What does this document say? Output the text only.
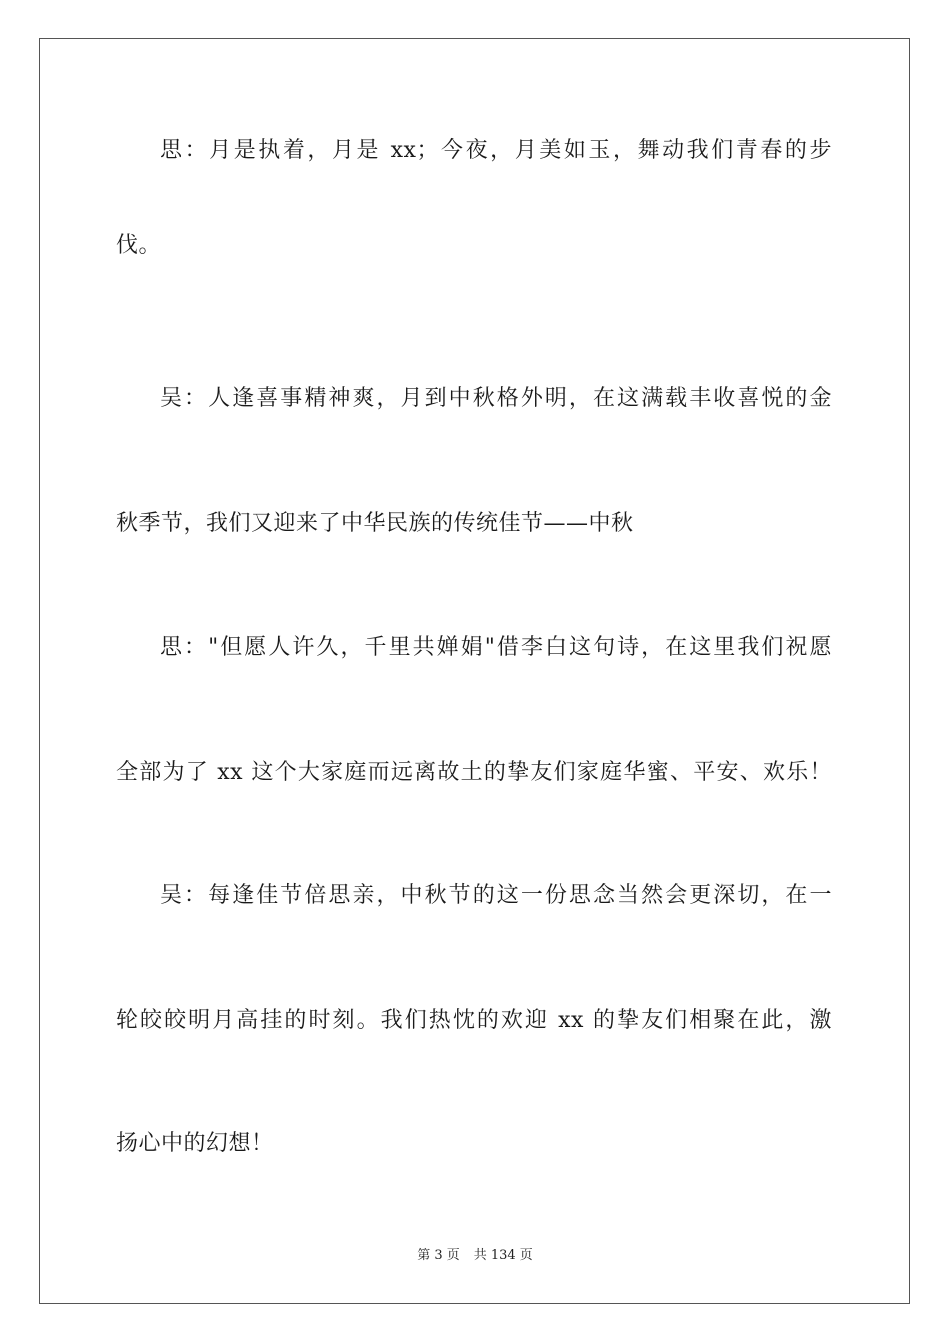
思：月是执着，月是 xx；今夜，月美如玉，舞动我们青春的步
伐。
吴：人逢喜事精神爽，月到中秋格外明，在这满载丰收喜悦的金
秋季节，我们又迎来了中华民族的传统佳节——中秋
思："但愿人许久，千里共婵娟"借李白这句诗，在这里我们祝愿
全部为了 xx 这个大家庭而远离故土的挚友们家庭华蜜、平安、欢乐！
吴：每逢佳节倍思亲，中秋节的这一份思念当然会更深切，在一
轮皎皎明月高挂的时刻。我们热忱的欢迎 xx 的挚友们相聚在此，激
扬心中的幻想！
第 3 页 共 134 页
